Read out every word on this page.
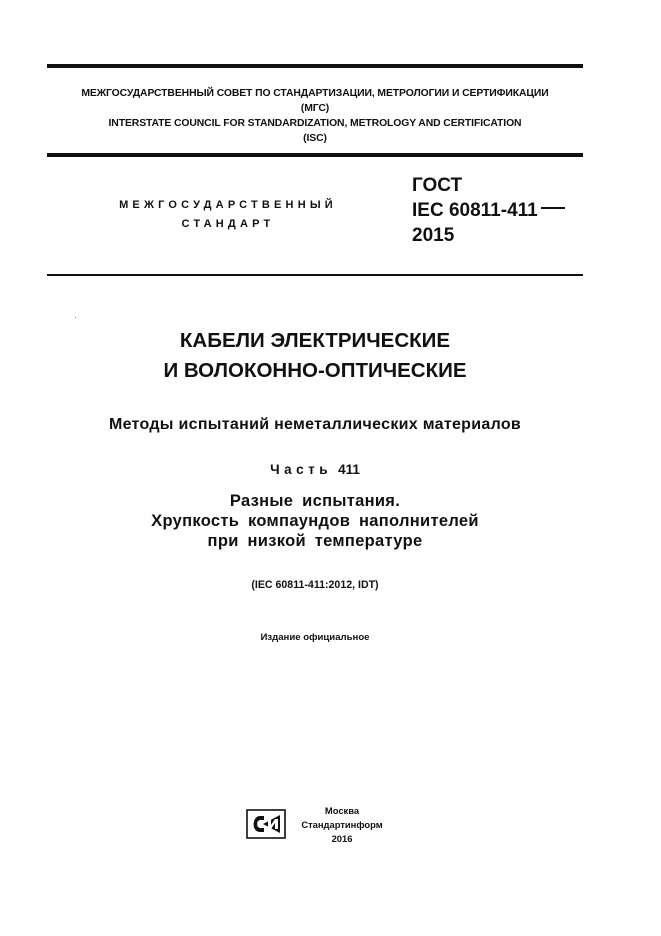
МЕЖГОСУДАРСТВЕННЫЙ СОВЕТ ПО СТАНДАРТИЗАЦИИ, МЕТРОЛОГИИ И СЕРТИФИКАЦИИ
(МГС)
INTERSTATE COUNCIL FOR STANDARDIZATION, METROLOGY AND CERTIFICATION
(ISC)
МЕЖГОСУДАРСТВЕННЫЙ
СТАНДАРТ
ГОСТ
IEC 60811-411
2015
КАБЕЛИ ЭЛЕКТРИЧЕСКИЕ
И ВОЛОКОННО-ОПТИЧЕСКИЕ
Методы испытаний неметаллических материалов
Часть 411
Разные испытания.
Хрупкость компаундов наполнителей
при низкой температуре
(IEC 60811-411:2012, IDT)
Издание официальное
Москва
Стандартинформ
2016
